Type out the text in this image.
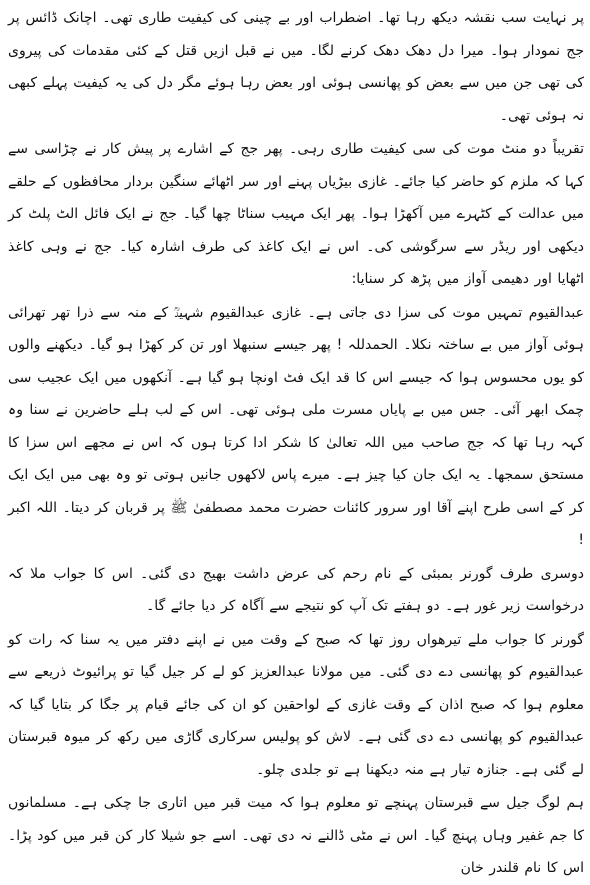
پر نہایت سب نقشہ دیکھ رہا تھا۔ اضطراب اور بے چینی کی کیفیت طاری تھی۔ اچانک ڈائس پر جج نمودار ہوا۔ میرا دل دھک دھک کرنے لگا۔ میں نے قبل ازیں قتل کے کئی مقدمات کی پیروی کی تھی جن میں سے بعض کو پھانسی ہوئی اور بعض رہا ہوئے مگر دل کی یہ کیفیت پہلے کبھی نہ ہوئی تھی۔

تقریباً دو منٹ موت کی سی کیفیت طاری رہی۔ پھر جج کے اشارے پر پیش کار نے چڑاسی سے کہا کہ ملزم کو حاضر کیا جائے۔ غازی بیڑیاں پہنے اور سر اٹھائے سنگین بردار محافظوں کے حلقے میں عدالت کے کٹہرے میں آکھڑا ہوا۔ پھر ایک مہیب سناٹا چھا گیا۔ جج نے ایک فائل الٹ پلٹ کر دیکھی اور ریڈر سے سرگوشی کی۔ اس نے ایک کاغذ کی طرف اشارہ کیا۔ جج نے وہی کاغذ اٹھایا اور دھیمی آواز میں پڑھ کر سنایا:

عبدالقیوم تمہیں موت کی سزا دی جاتی ہے۔ غازی عبدالقیوم شہیدؒ کے منہ سے ذرا تھر تھرائی ہوئی آواز میں بے ساختہ نکلا۔ الحمدللہ ! پھر جیسے سنبھلا اور تن کر کھڑا ہو گیا۔ دیکھنے والوں کو یوں محسوس ہوا کہ جیسے اس کا قد ایک فٹ اونچا ہو گیا ہے۔ آنکھوں میں ایک عجیب سی چمک ابھر آئی۔ جس میں بے پایاں مسرت ملی ہوئی تھی۔ اس کے لب ہلے حاضرین نے سنا وہ کہہ رہا تھا کہ جج صاحب میں اللہ تعالیٰ کا شکر ادا کرتا ہوں کہ اس نے مجھے اس سزا کا مستحق سمجھا۔ یہ ایک جان کیا چیز ہے۔ میرے پاس لاکھوں جانیں ہوتی تو وہ بھی میں ایک ایک کر کے اسی طرح اپنے آقا اور سرور کائنات حضرت محمد مصطفیٰ ﷺ پر قربان کر دیتا۔ اللہ اکبر !

دوسری طرف گورنر بمبئی کے نام رحم کی عرض داشت بھیج دی گئی۔ اس کا جواب ملا کہ درخواست زیر غور ہے۔ دو ہفتے تک آپ کو نتیجے سے آگاہ کر دیا جائے گا۔

گورنر کا جواب ملے تیرھواں روز تھا کہ صبح کے وقت میں نے اپنے دفتر میں یہ سنا کہ رات کو عبدالقیوم کو پھانسی دے دی گئی۔ میں مولانا عبدالعزیز کو لے کر جیل گیا تو پرائیوٹ ذریعے سے معلوم ہوا کہ صبح اذان کے وقت غازی کے لواحقین کو ان کی جائے قیام پر جگا کر بتایا گیا کہ عبدالقیوم کو پھانسی دے دی گئی ہے۔ لاش کو پولیس سرکاری گاڑی میں رکھ کر میوہ قبرستان لے گئی ہے۔ جنازہ تیار ہے منہ دیکھنا ہے تو جلدی چلو۔

ہم لوگ جیل سے قبرستان پہنچے تو معلوم ہوا کہ میت قبر میں اتاری جا چکی ہے۔ مسلمانوں کا جم غفیر وہاں پہنچ گیا۔ اس نے مٹی ڈالنے نہ دی تھی۔ اسے جو شیلا کار کن قبر میں کود پڑا۔ اس کا نام قلندر خان
